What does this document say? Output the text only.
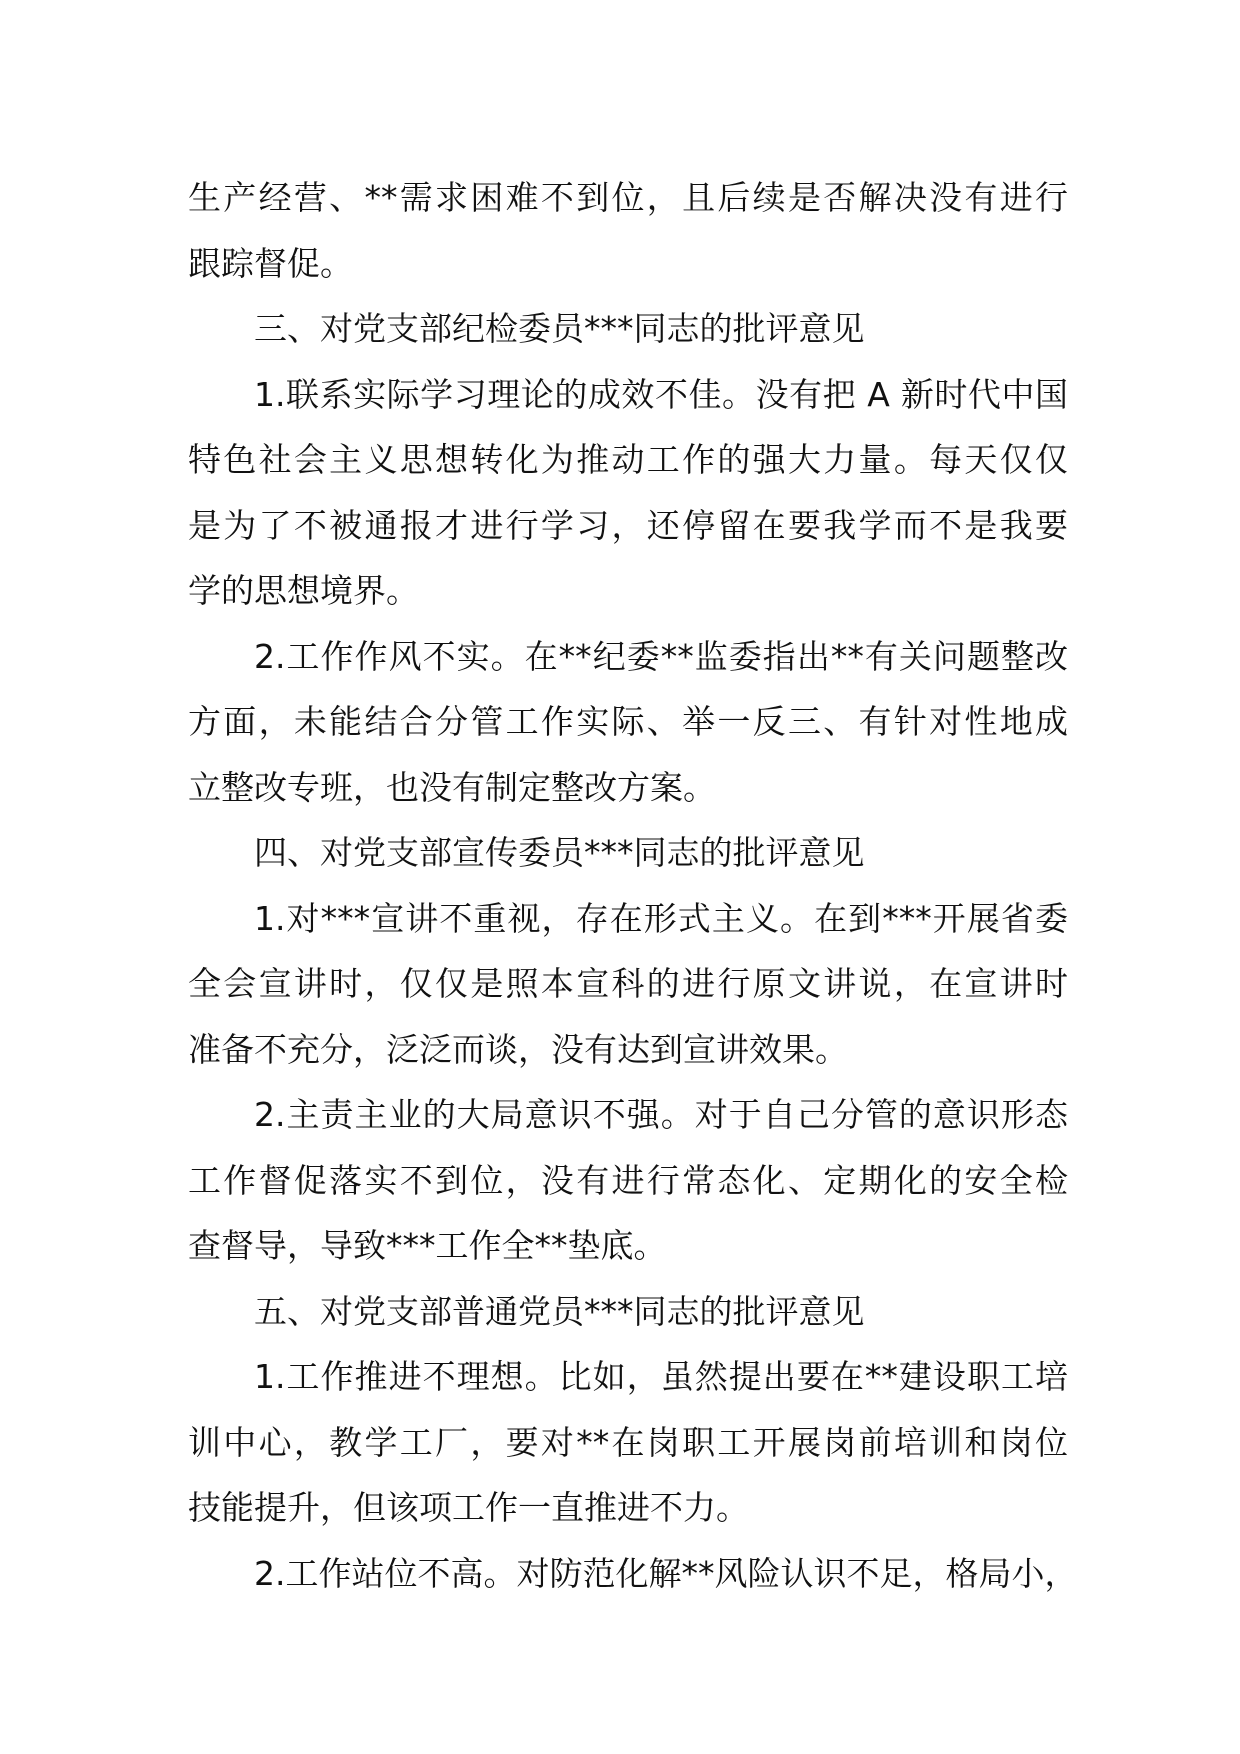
生产经营、**需求困难不到位，且后续是否解决没有进行
跟踪督促。
三、对党支部纪检委员***同志的批评意见
1.联系实际学习理论的成效不佳。没有把 A 新时代中国
特色社会主义思想转化为推动工作的强大力量。每天仅仅
是为了不被通报才进行学习，还停留在要我学而不是我要
学的思想境界。
2.工作作风不实。在**纪委**监委指出**有关问题整改
方面，未能结合分管工作实际、举一反三、有针对性地成
立整改专班，也没有制定整改方案。
四、对党支部宣传委员***同志的批评意见
1.对***宣讲不重视，存在形式主义。在到***开展省委
全会宣讲时，仅仅是照本宣科的进行原文讲说，在宣讲时
准备不充分，泛泛而谈，没有达到宣讲效果。
2.主责主业的大局意识不强。对于自己分管的意识形态
工作督促落实不到位，没有进行常态化、定期化的安全检
查督导，导致***工作全**垫底。
五、对党支部普通党员***同志的批评意见
1.工作推进不理想。比如，虽然提出要在**建设职工培
训中心，教学工厂，要对**在岗职工开展岗前培训和岗位
技能提升，但该项工作一直推进不力。
2.工作站位不高。对防范化解**风险认识不足，格局小，
